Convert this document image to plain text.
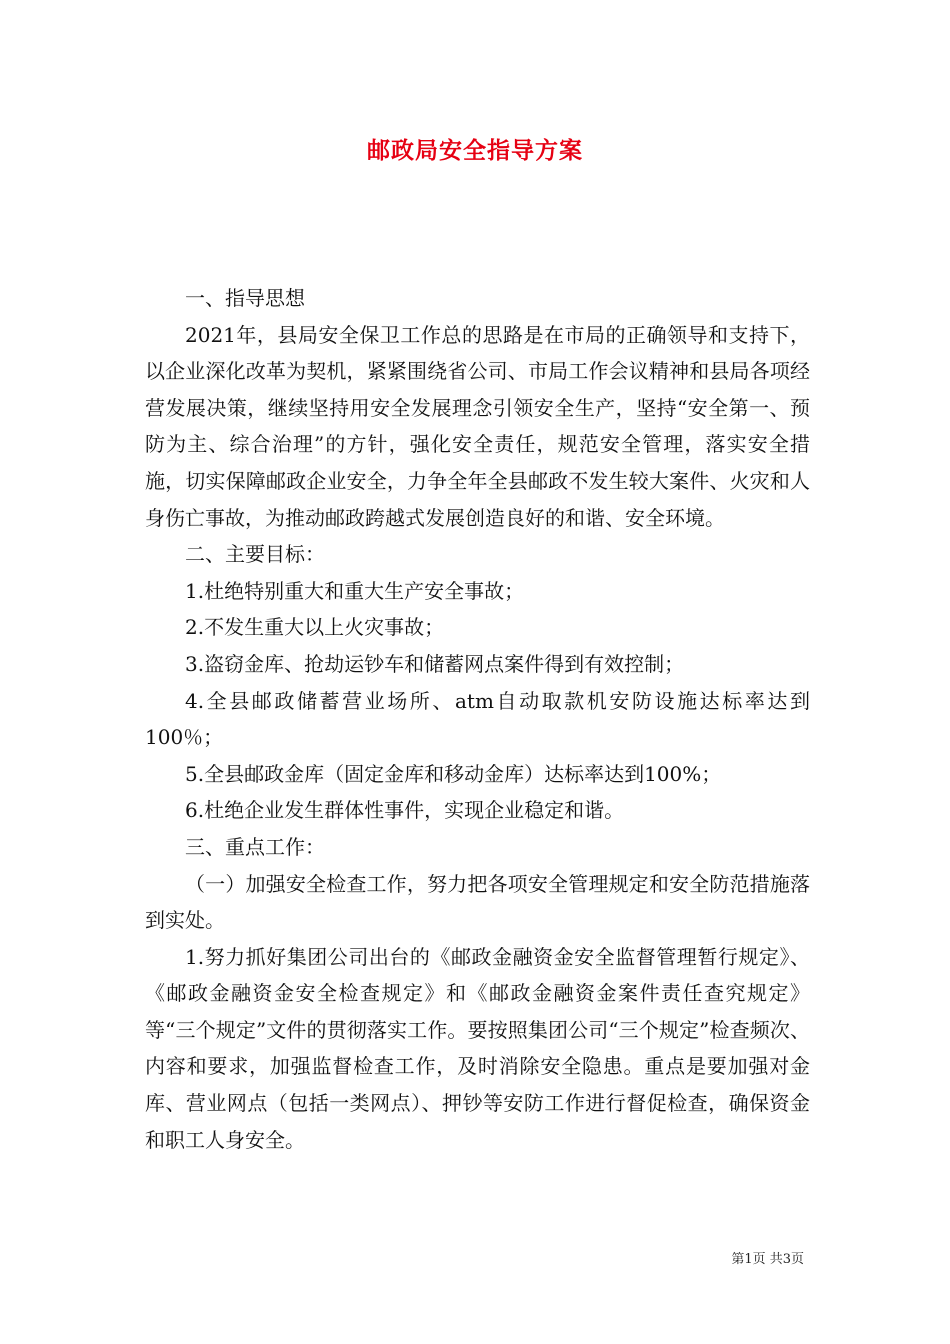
邮政局安全指导方案

一、指导思想

2021年，县局安全保卫工作总的思路是在市局的正确领导和支持下，以企业深化改革为契机，紧紧围绕省公司、市局工作会议精神和县局各项经营发展决策，继续坚持用安全发展理念引领安全生产，坚持“安全第一、预防为主、综合治理”的方针，强化安全责任，规范安全管理，落实安全措施，切实保障邮政企业安全，力争全年全县邮政不发生较大案件、火灾和人身伤亡事故，为推动邮政跨越式发展创造良好的和谐、安全环境。

二、主要目标：

1.杜绝特别重大和重大生产安全事故；

2.不发生重大以上火灾事故；

3.盗窃金库、抢劫运钞车和储蓄网点案件得到有效控制；

4.全县邮政储蓄营业场所、atm自动取款机安防设施达标率达到100％；

5.全县邮政金库（固定金库和移动金库）达标率达到100%；

6.杜绝企业发生群体性事件，实现企业稳定和谐。

三、重点工作：

（一）加强安全检查工作，努力把各项安全管理规定和安全防范措施落到实处。

1.努力抓好集团公司出台的《邮政金融资金安全监督管理暂行规定》、《邮政金融资金安全检查规定》和《邮政金融资金案件责任查究规定》等“三个规定”文件的贯彻落实工作。要按照集团公司“三个规定”检查频次、内容和要求，加强监督检查工作，及时消除安全隐患。重点是要加强对金库、营业网点（包括一类网点）、押钞等安防工作进行督促检查，确保资金和职工人身安全。

第1页 共3页
